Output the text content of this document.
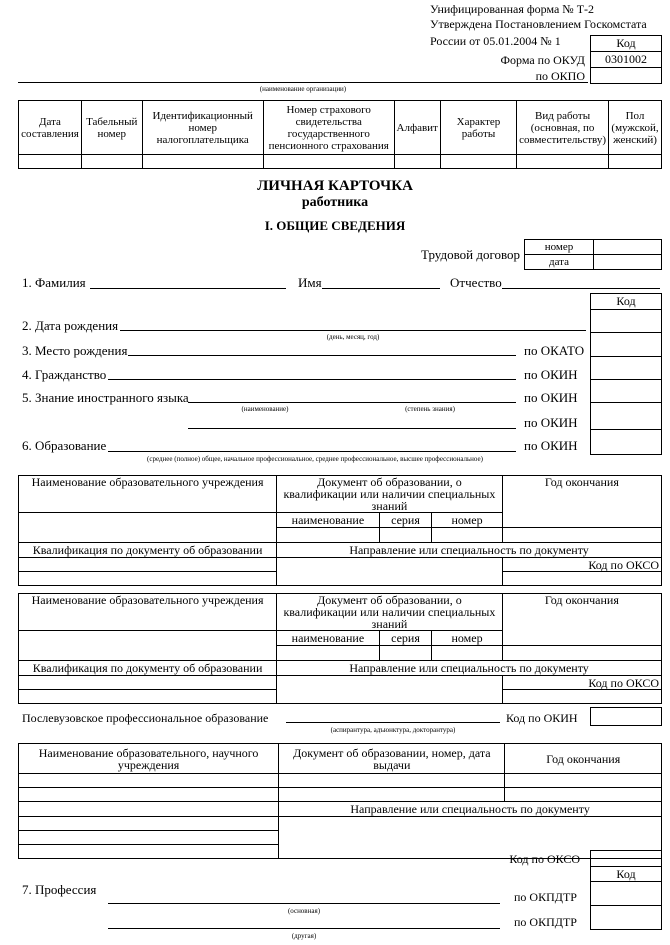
Унифицированная форма № Т-2
Утверждена Постановлением Госкомстата
России от 05.01.2004 № 1	Код
Форма по ОКУД	0301002
по ОКПО
(наименование организации)
Дата составления	Табельный номер	Идентификационный номер налогоплательщика	Номер страхового свидетельства государственного пенсионного страхования	Алфавит	Характер работы	Вид работы (основная, по совместительству)	Пол (мужской, женский)

ЛИЧНАЯ КАРТОЧКА
работника
I. ОБЩИЕ СВЕДЕНИЯ
Трудовой договор номер	
дата	
1. Фамилия	Имя	Отчество
Код
2. Дата рождения
(день, месяц, год)
3. Место рождения	по ОКАТО
4. Гражданство	по ОКИН
5. Знание иностранного языка	по ОКИН
(наименование)	(степень знания)
по ОКИН
6. Образование	по ОКИН
(среднее (полное) общее, начальное профессиональное, среднее профессиональное, высшее профессиональное)
Наименование образовательного учреждения	Документ об образовании, о квалификации или наличии специальных знаний			Год окончания
	наименование	серия	номер	

Квалификация по документу об образовании	Направление или специальность по документу			
				Код по ОКСО

Наименование образовательного учреждения	Документ об образовании, о квалификации или наличии специальных знаний			Год окончания
	наименование	серия	номер	

Квалификация по документу об образовании	Направление или специальность по документу			
				Код по ОКСО

Послевузовское профессиональное образование
(аспирантура, адъюнктура, докторантура)
Код по ОКИН
Наименование образовательного, научного учреждения	Документ об образовании, номер, дата выдачи	Год окончания

	Направление или специальность по документу	

Код по ОКСО
Код
7. Профессия	по ОКПДТР
(основная)
по ОКПДТР
(другая)
